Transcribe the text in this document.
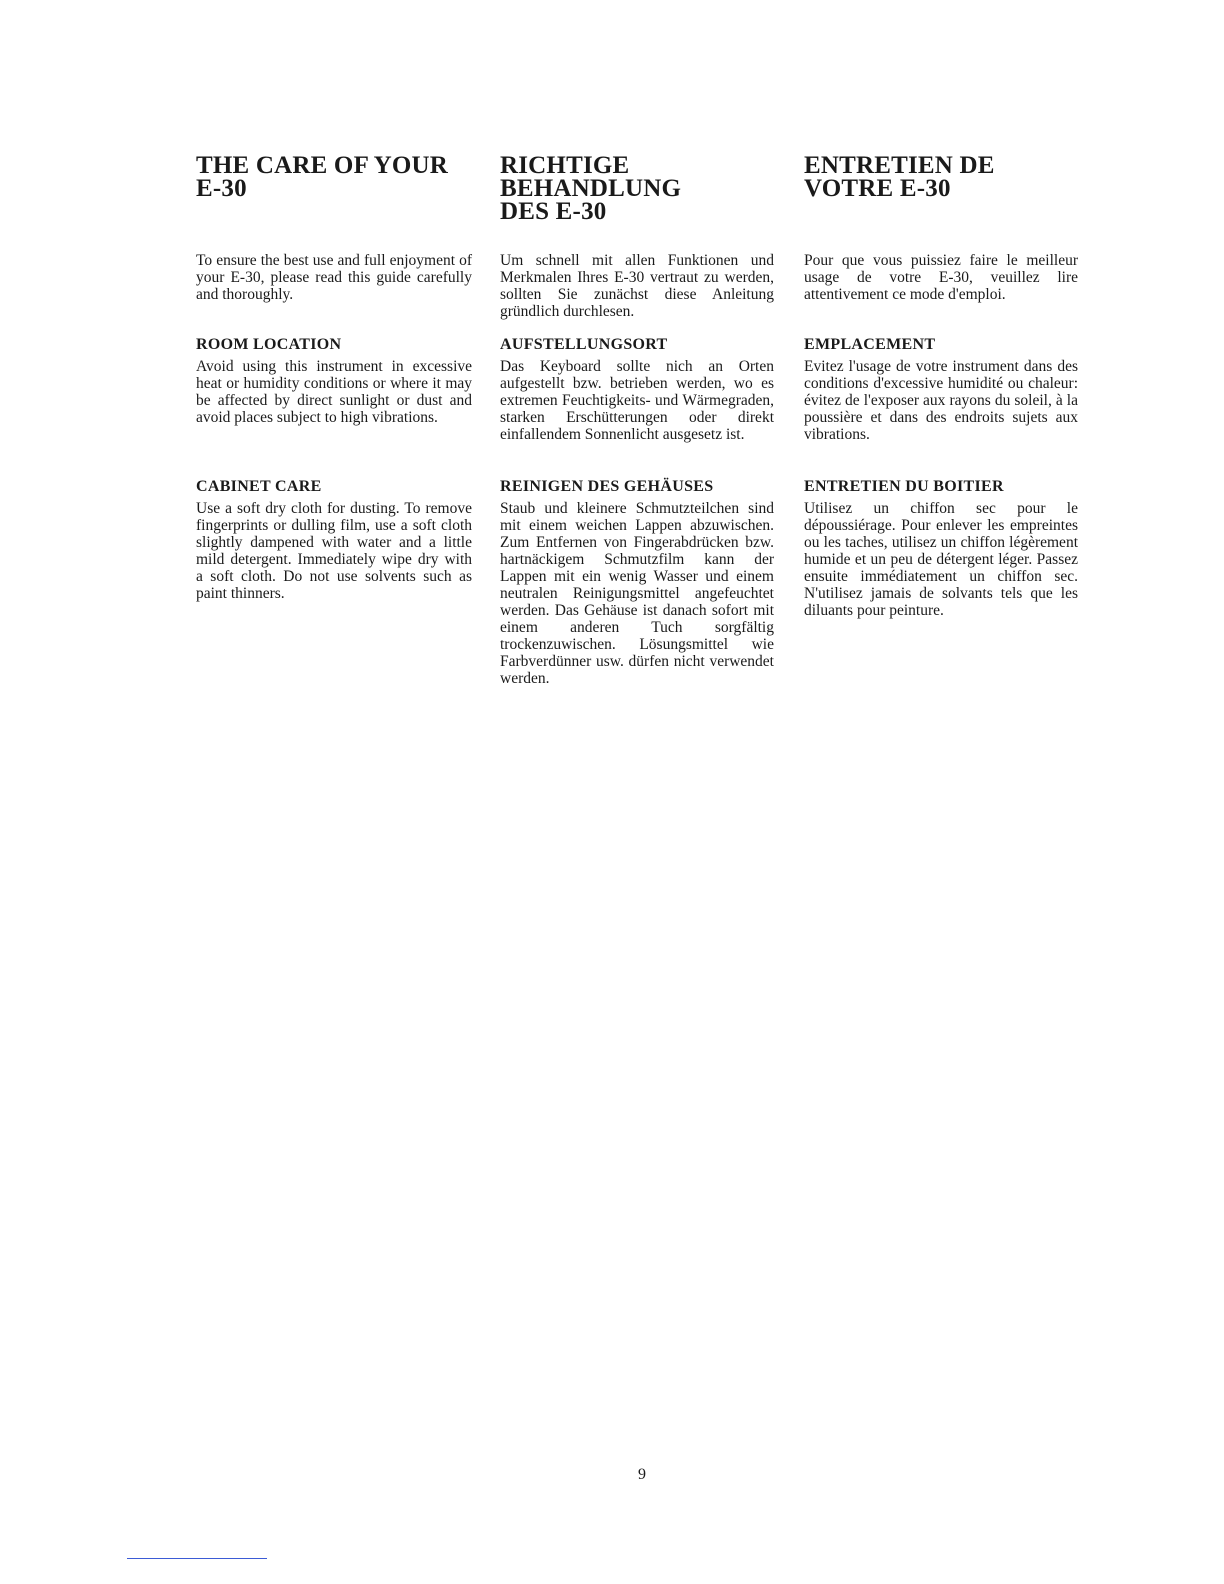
THE CARE OF YOUR
E-30

To ensure the best use and full enjoyment of your E-30, please read this guide carefully and thoroughly.

ROOM LOCATION

Avoid using this instrument in excessive heat or humidity conditions or where it may be affected by direct sunlight or dust and avoid places subject to high vibrations.

CABINET CARE

Use a soft dry cloth for dusting. To remove fingerprints or dulling film, use a soft cloth slightly dampened with water and a little mild detergent. Immediately wipe dry with a soft cloth. Do not use solvents such as paint thinners.

RICHTIGE
BEHANDLUNG
DES E-30

Um schnell mit allen Funktionen und Merkmalen Ihres E-30 vertraut zu werden, sollten Sie zunächst diese Anleitung gründlich durchlesen.

AUFSTELLUNGSORT

Das Keyboard sollte nich an Orten aufgestellt bzw. betrieben werden, wo es extremen Feuchtigkeits- und Wärmegraden, starken Erschütterungen oder direkt einfallendem Sonnenlicht ausgesetz ist.

REINIGEN DES GEHÄUSES

Staub und kleinere Schmutzteilchen sind mit einem weichen Lappen abzuwischen. Zum Entfernen von Fingerabdrücken bzw. hartnäckigem Schmutzfilm kann der Lappen mit ein wenig Wasser und einem neutralen Reinigungsmittel angefeuchtet werden. Das Gehäuse ist danach sofort mit einem anderen Tuch sorgfältig trockenzuwischen. Lösungsmittel wie Farbverdünner usw. dürfen nicht verwendet werden.

ENTRETIEN DE
VOTRE E-30

Pour que vous puissiez faire le meilleur usage de votre E-30, veuillez lire attentivement ce mode d'emploi.

EMPLACEMENT

Evitez l'usage de votre instrument dans des conditions d'excessive humidité ou chaleur: évitez de l'exposer aux rayons du soleil, à la poussière et dans des endroits sujets aux vibrations.

ENTRETIEN DU BOITIER

Utilisez un chiffon sec pour le dépoussiérage. Pour enlever les empreintes ou les taches, utilisez un chiffon légèrement humide et un peu de détergent léger. Passez ensuite immédiatement un chiffon sec. N'utilisez jamais de solvants tels que les diluants pour peinture.

9
